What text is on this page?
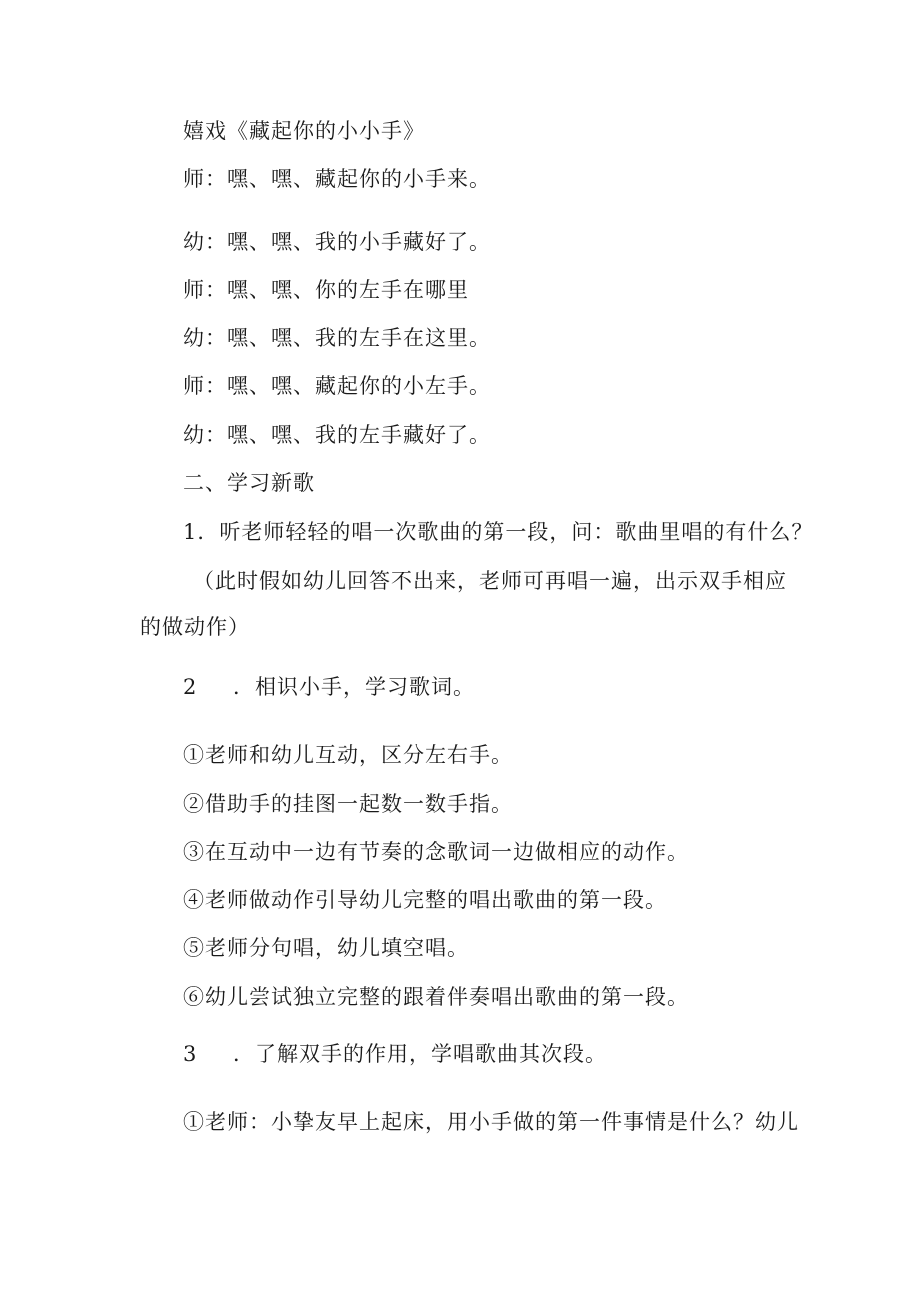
嬉戏《藏起你的小小手》
师：嘿、嘿、藏起你的小手来。
幼：嘿、嘿、我的小手藏好了。
师：嘿、嘿、你的左手在哪里
幼：嘿、嘿、我的左手在这里。
师：嘿、嘿、藏起你的小左手。
幼：嘿、嘿、我的左手藏好了。
二、学习新歌
1．听老师轻轻的唱一次歌曲的第一段，问：歌曲里唱的有什么？
（此时假如幼儿回答不出来，老师可再唱一遍，出示双手相应
的做动作）
2 ．相识小手，学习歌词。
①老师和幼儿互动，区分左右手。
②借助手的挂图一起数一数手指。
③在互动中一边有节奏的念歌词一边做相应的动作。
④老师做动作引导幼儿完整的唱出歌曲的第一段。
⑤老师分句唱，幼儿填空唱。
⑥幼儿尝试独立完整的跟着伴奏唱出歌曲的第一段。
3 ．了解双手的作用，学唱歌曲其次段。
①老师：小挚友早上起床，用小手做的第一件事情是什么？幼儿
